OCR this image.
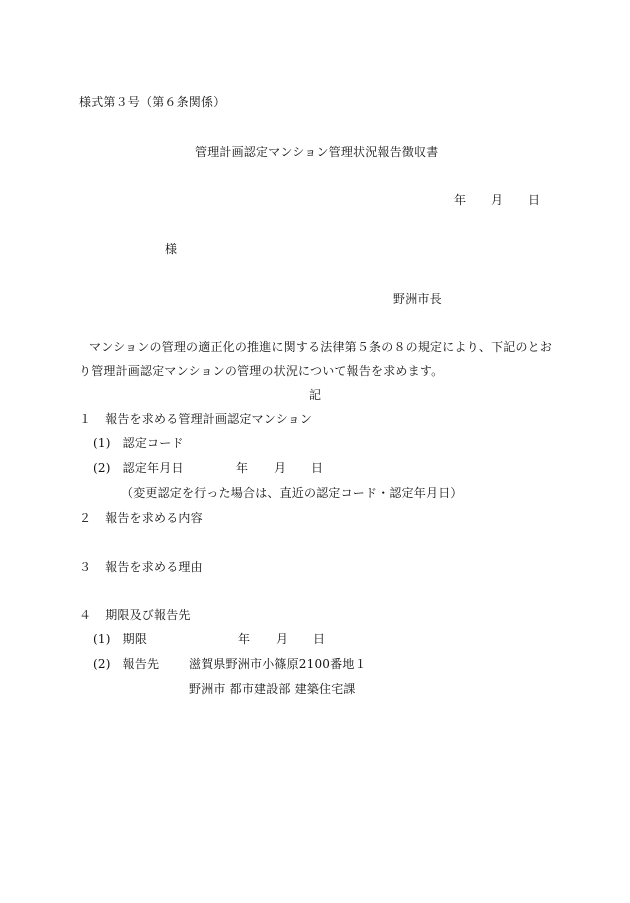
様式第３号（第６条関係）
管理計画認定マンション管理状況報告徴収書
年 月 日
様
野洲市長
マンションの管理の適正化の推進に関する法律第５条の８の規定により、下記のとお
り管理計画認定マンションの管理の状況について報告を求めます。
記
１ 報告を求める管理計画認定マンション
(1) 認定コード
(2) 認定年月日	年 月 日
（変更認定を行った場合は、直近の認定コード・認定年月日）
２ 報告を求める内容
３ 報告を求める理由
４ 期限及び報告先
(1) 期限	年 月 日
(2) 報告先 滋賀県野洲市小篠原2100番地１
野洲市 都市建設部 建築住宅課
